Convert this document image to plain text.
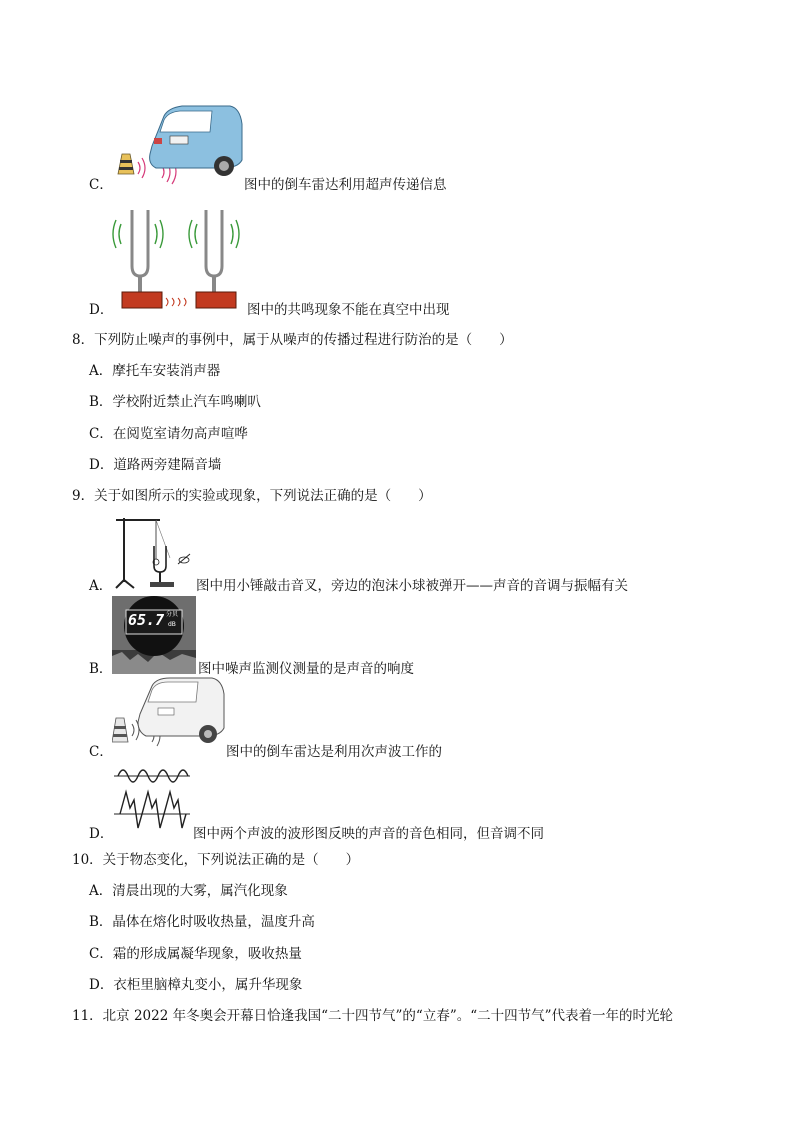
C．	图中的倒车雷达利用超声传递信息
D．	图中的共鸣现象不能在真空中出现
8．下列防止噪声的事例中，属于从噪声的传播过程进行防治的是（　　）
A．摩托车安装消声器
B．学校附近禁止汽车鸣喇叭
C．在阅览室请勿高声喧哗
D．道路两旁建隔音墙
9．关于如图所示的实验或现象，下列说法正确的是（　　）
A．	图中用小锤敲击音叉，旁边的泡沫小球被弹开——声音的音调与振幅有关
B．
65.7 分贝
dB
图中噪声监测仪测量的是声音的响度
C．	图中的倒车雷达是利用次声波工作的
D．	图中两个声波的波形图反映的声音的音色相同，但音调不同
10．关于物态变化，下列说法正确的是（　　）
A．清晨出现的大雾，属汽化现象
B．晶体在熔化时吸收热量，温度升高
C．霜的形成属凝华现象，吸收热量
D．衣柜里脑樟丸变小，属升华现象
11．北京 2022 年冬奥会开幕日恰逢我国“二十四节气”的“立春”。“二十四节气”代表着一年的时光轮
